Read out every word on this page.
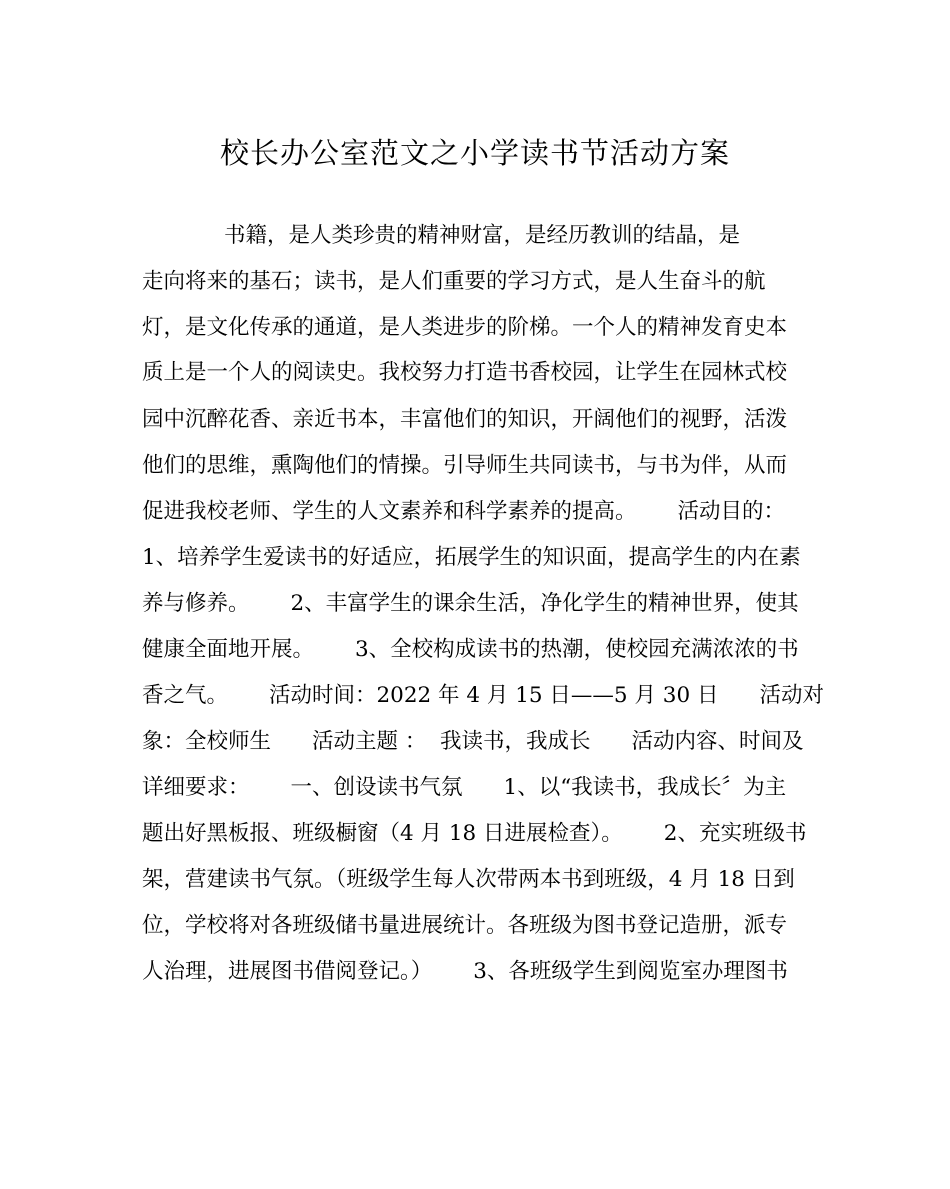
校长办公室范文之小学读书节活动方案
书籍，是人类珍贵的精神财富，是经历教训的结晶，是
走向将来的基石；读书，是人们重要的学习方式，是人生奋斗的航
灯，是文化传承的通道，是人类进步的阶梯。一个人的精神发育史本
质上是一个人的阅读史。我校努力打造书香校园，让学生在园林式校
园中沉醉花香、亲近书本，丰富他们的知识，开阔他们的视野，活泼
他们的思维，熏陶他们的情操。引导师生共同读书，与书为伴，从而
促进我校老师、学生的人文素养和科学素养的提高。      活动目的：
1、培养学生爱读书的好适应，拓展学生的知识面，提高学生的内在素
养与修养。      2、丰富学生的课余生活，净化学生的精神世界，使其
健康全面地开展。      3、全校构成读书的热潮，使校园充满浓浓的书
香之气。      活动时间：2022 年 4 月 15 日——5 月 30 日      活动对
象：全校师生      活动主题 ：  我读书，我成长      活动内容、时间及
详细要求：      一、创设读书气氛      1、以“我读书，我成长〞为主
题出好黑板报、班级橱窗（4 月 18 日进展检查）。      2、充实班级书
架，营建读书气氛。（班级学生每人次带两本书到班级，4 月 18 日到
位，学校将对各班级储书量进展统计。各班级为图书登记造册，派专
人治理，进展图书借阅登记。）      3、各班级学生到阅览室办理图书
